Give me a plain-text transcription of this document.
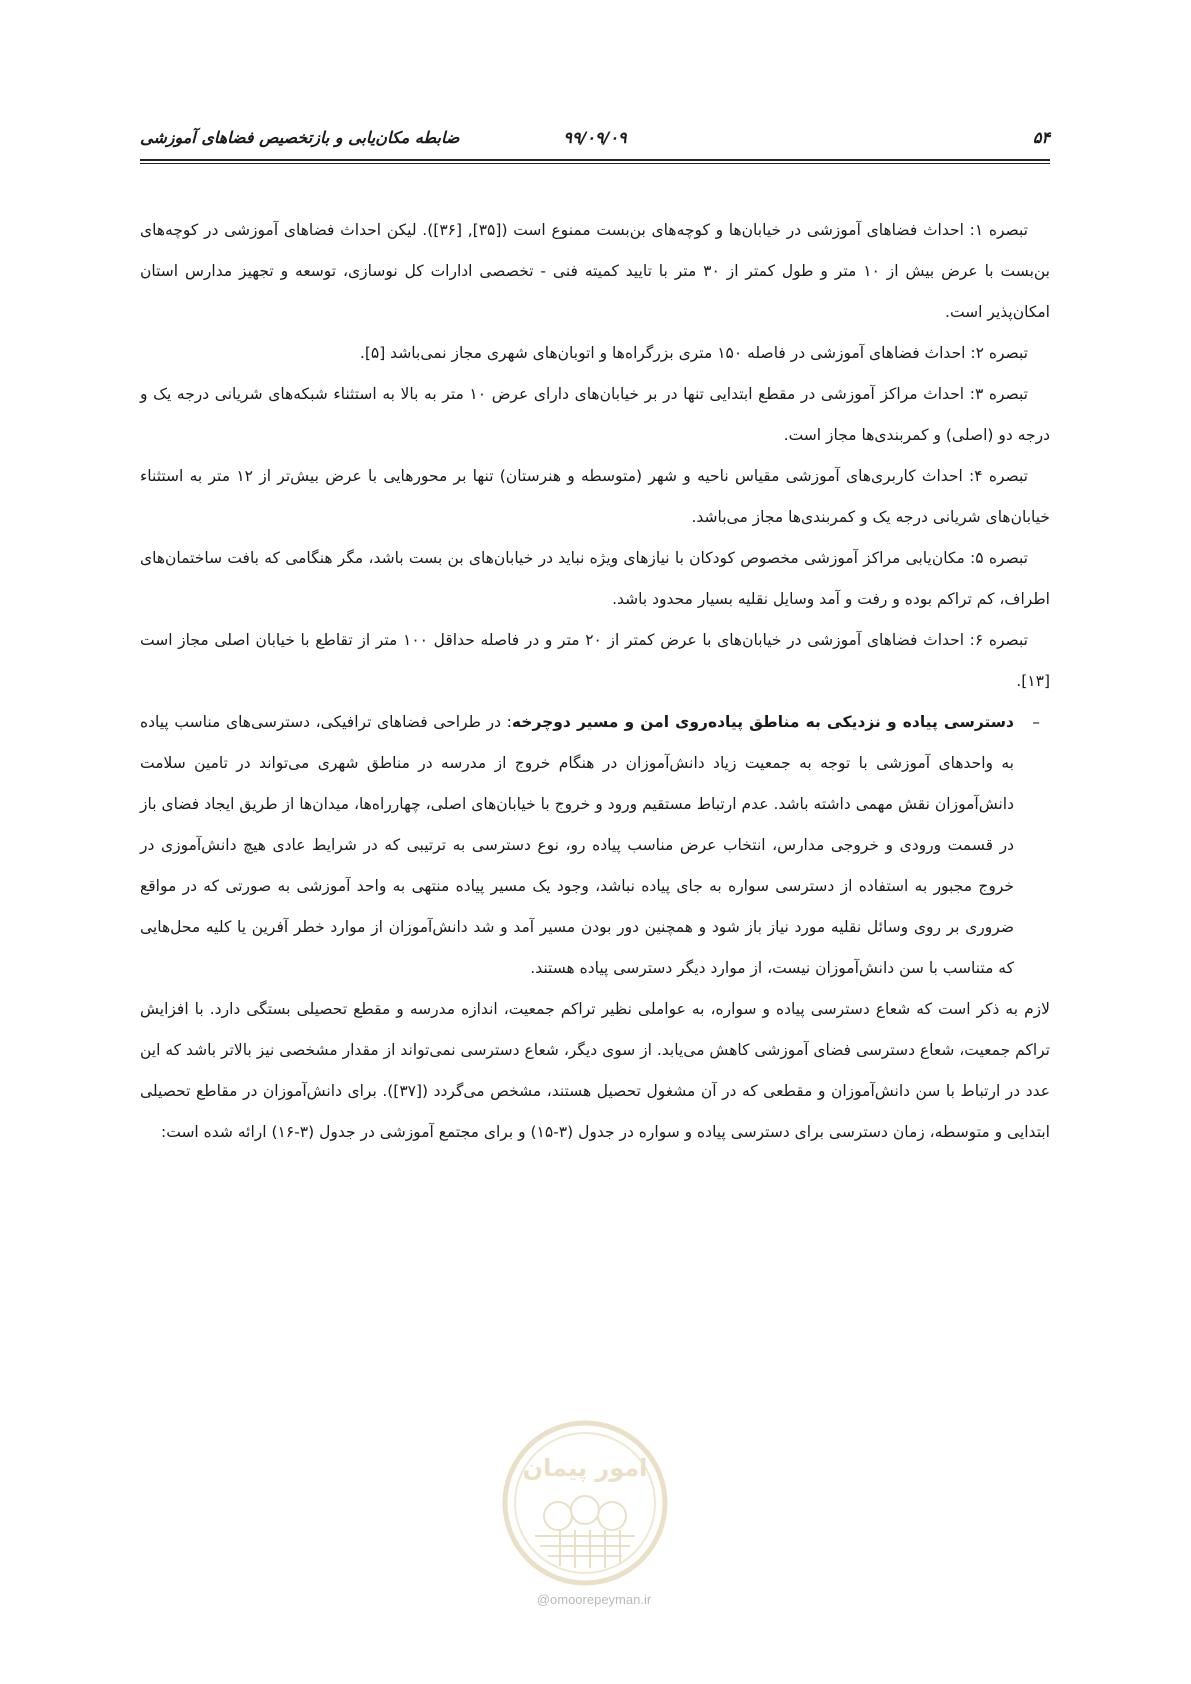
۵۴
۹۹/۰۹/۰۹
ضابطه مکان‌یابی و بازتخصیص فضاهای آموزشی

تبصره ۱: احداث فضاهای آموزشی در خیابان‌ها و کوچه‌های بن‌بست ممنوع است ([۳۵], [۳۶]). لیکن احداث فضاهای آموزشی در کوچه‌های بن‌بست با عرض بیش از ۱۰ متر و طول کمتر از ۳۰ متر با تایید کمیته فنی - تخصصی ادارات کل نوسازی، توسعه و تجهیز مدارس استان امکان‌پذیر است.

تبصره ۲: احداث فضاهای آموزشی در فاصله ۱۵۰ متری بزرگراه‌ها و اتوبان‌های شهری مجاز نمی‌باشد [۵].

تبصره ۳: احداث مراکز آموزشی در مقطع ابتدایی تنها در بر خیابان‌های دارای عرض ۱۰ متر به بالا به استثناء شبکه‌های شریانی درجه یک و درجه دو (اصلی) و کمربندی‌ها مجاز است.

تبصره ۴: احداث کاربری‌های آموزشی مقیاس ناحیه و شهر (متوسطه و هنرستان) تنها بر محورهایی با عرض بیش‌تر از ۱۲ متر به استثناء خیابان‌های شریانی درجه یک و کمربندی‌ها مجاز می‌باشد.

تبصره ۵: مکان‌یابی مراکز آموزشی مخصوص کودکان با نیازهای ویژه نباید در خیابان‌های بن بست باشد، مگر هنگامی که بافت ساختمان‌های اطراف، کم تراکم بوده و رفت و آمد وسایل نقلیه بسیار محدود باشد.

تبصره ۶: احداث فضاهای آموزشی در خیابان‌های با عرض کمتر از ۲۰ متر و در فاصله حداقل ۱۰۰ متر از تقاطع با خیابان اصلی مجاز است [۱۳].

–
دسترسی پیاده و نزدیکی به مناطق پیاده‌روی امن و مسیر دوچرخه: در طراحی فضاهای ترافیکی، دسترسی‌های مناسب پیاده به واحدهای آموزشی با توجه به جمعیت زیاد دانش‌آموزان در هنگام خروج از مدرسه در مناطق شهری می‌تواند در تامین سلامت دانش‌آموزان نقش مهمی داشته باشد. عدم ارتباط مستقیم ورود و خروج با خیابان‌های اصلی، چهارراه‌ها، میدان‌ها از طریق ایجاد فضای باز در قسمت ورودی و خروجی مدارس، انتخاب عرض مناسب پیاده رو، نوع دسترسی به ترتیبی که در شرایط عادی هیچ دانش‌آموزی در خروج مجبور به استفاده از دسترسی سواره به جای پیاده نباشد، وجود یک مسیر پیاده منتهی به واحد آموزشی به صورتی که در مواقع ضروری بر روی وسائل نقلیه مورد نیاز باز شود و همچنین دور بودن مسیر آمد و شد دانش‌آموزان از موارد خطر آفرین یا کلیه محل‌هایی که متناسب با سن دانش‌آموزان نیست، از موارد دیگر دسترسی پیاده هستند.

لازم به ذکر است که شعاع دسترسی پیاده و سواره، به عواملی نظیر تراکم جمعیت، اندازه مدرسه و مقطع تحصیلی بستگی دارد. با افزایش تراکم جمعیت، شعاع دسترسی فضای آموزشی کاهش می‌یابد. از سوی دیگر، شعاع دسترسی نمی‌تواند از مقدار مشخصی نیز بالاتر باشد که این عدد در ارتباط با سن دانش‌آموزان و مقطعی که در آن مشغول تحصیل هستند، مشخص می‌گردد ([۳۷]). برای دانش‌آموزان در مقاطع تحصیلی ابتدایی و متوسطه، زمان دسترسی برای دسترسی پیاده و سواره در جدول (۳-۱۵) و برای مجتمع آموزشی در جدول (۳-۱۶) ارائه شده است:

امور پیمان
@omoorepeyman.ir
